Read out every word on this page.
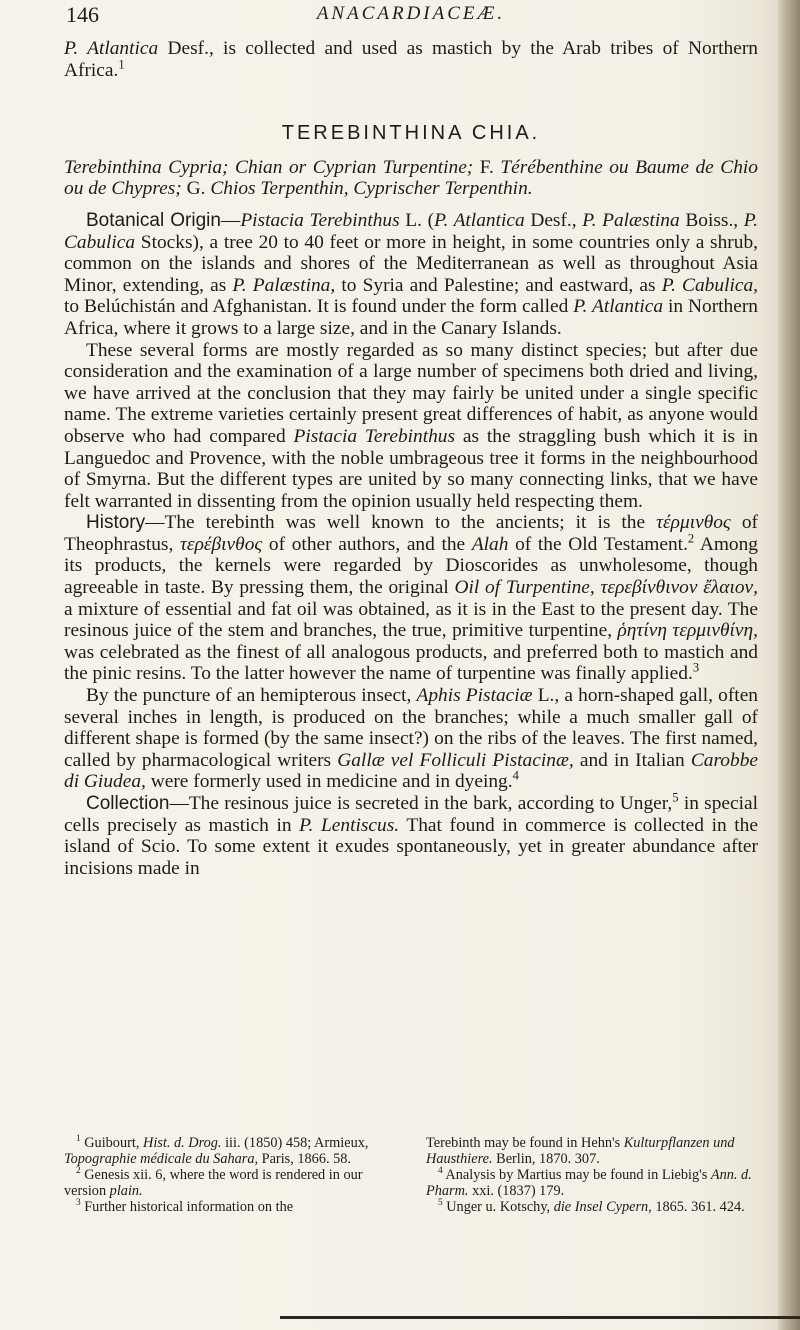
146	ANACARDIACEÆ.

P. Atlantica Desf., is collected and used as mastich by the Arab tribes of Northern Africa.$^1$

TEREBINTHINA CHIA.

Terebinthina Cypria; Chian or Cyprian Turpentine; F. Térébenthine ou Baume de Chio ou de Chypres; G. Chios Terpenthin, Cyprischer Terpenthin.

Botanical Origin—Pistacia Terebinthus L. (P. Atlantica Desf., P. Palæstina Boiss., P. Cabulica Stocks), a tree 20 to 40 feet or more in height, in some countries only a shrub, common on the islands and shores of the Mediterranean as well as throughout Asia Minor, extending, as P. Palæstina, to Syria and Palestine; and eastward, as P. Cabulica, to Belúchistán and Afghanistan. It is found under the form called P. Atlantica in Northern Africa, where it grows to a large size, and in the Canary Islands.

These several forms are mostly regarded as so many distinct species; but after due consideration and the examination of a large number of specimens both dried and living, we have arrived at the conclusion that they may fairly be united under a single specific name. The extreme varieties certainly present great differences of habit, as anyone would observe who had compared Pistacia Terebinthus as the straggling bush which it is in Languedoc and Provence, with the noble umbrageous tree it forms in the neighbourhood of Smyrna. But the different types are united by so many connecting links, that we have felt warranted in dissenting from the opinion usually held respecting them.

History—The terebinth was well known to the ancients; it is the τέρμινθος of Theophrastus, τερέβινθος of other authors, and the Alah of the Old Testament.$^2$ Among its products, the kernels were regarded by Dioscorides as unwholesome, though agreeable in taste. By pressing them, the original Oil of Turpentine, τερεβίνθινον ἔλαιον, a mixture of essential and fat oil was obtained, as it is in the East to the present day. The resinous juice of the stem and branches, the true, primitive turpentine, ῥητίνη τερμινθίνη, was celebrated as the finest of all analogous products, and preferred both to mastich and the pinic resins. To the latter however the name of turpentine was finally applied.$^3$

By the puncture of an hemipterous insect, Aphis Pistaciæ L., a horn-shaped gall, often several inches in length, is produced on the branches; while a much smaller gall of different shape is formed (by the same insect?) on the ribs of the leaves. The first named, called by pharmacological writers Gallæ vel Folliculi Pistacinæ, and in Italian Carobbe di Giudea, were formerly used in medicine and in dyeing.$^4$

Collection—The resinous juice is secreted in the bark, according to Unger,$^5$ in special cells precisely as mastich in P. Lentiscus. That found in commerce is collected in the island of Scio. To some extent it exudes spontaneously, yet in greater abundance after incisions made in

$^1$ Guibourt, Hist. d. Drog. iii. (1850) 458; Armieux, Topographie médicale du Sahara, Paris, 1866. 58.

$^2$ Genesis xii. 6, where the word is rendered in our version plain.

$^3$ Further historical information on the

Terebinth may be found in Hehn's Kulturpflanzen und Hausthiere. Berlin, 1870. 307.

$^4$ Analysis by Martius may be found in Liebig's Ann. d. Pharm. xxi. (1837) 179.

$^5$ Unger u. Kotschy, die Insel Cypern, 1865. 361. 424.
